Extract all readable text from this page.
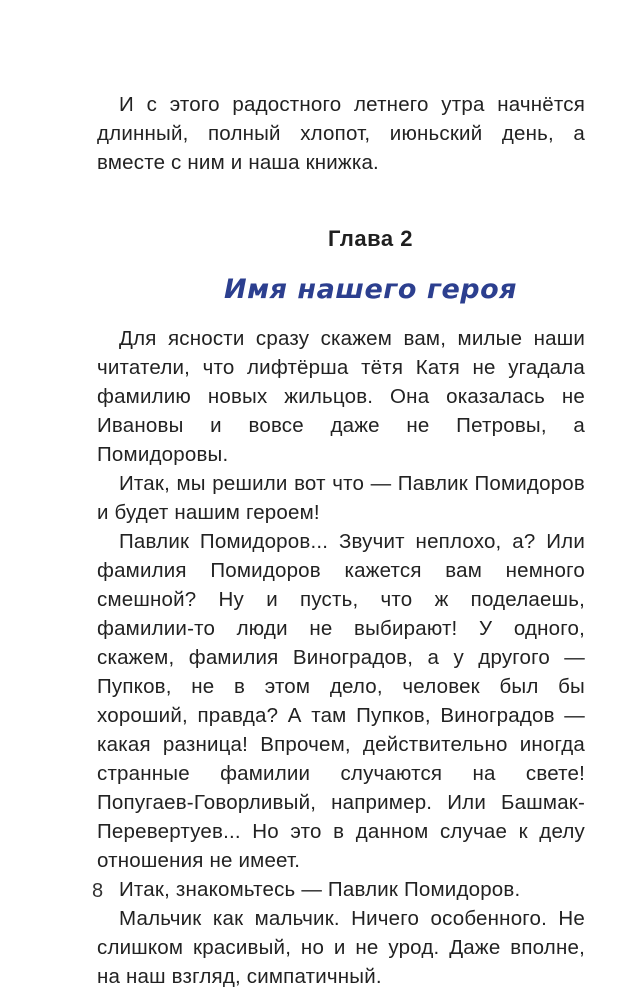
И с этого радостного летнего утра начнётся длинный, полный хлопот, июньский день, а вместе с ним и наша книжка.

Глава 2
Имя нашего героя

Для ясности сразу скажем вам, милые наши читатели, что лифтёрша тётя Катя не угадала фамилию новых жильцов. Она оказалась не Ивановы и вовсе даже не Петровы, а Помидоровы.

Итак, мы решили вот что — Павлик Помидоров и будет нашим героем!

Павлик Помидоров... Звучит неплохо, а? Или фамилия Помидоров кажется вам немного смешной? Ну и пусть, что ж поделаешь, фамилии-то люди не выбирают! У одного, скажем, фамилия Виноградов, а у другого — Пупков, не в этом дело, человек был бы хороший, правда? А там Пупков, Виноградов — какая разница! Впрочем, действительно иногда странные фамилии случаются на свете! Попугаев-Говорливый, например. Или Башмак-Перевертуев... Но это в данном случае к делу отношения не имеет.

Итак, знакомьтесь — Павлик Помидоров.

Мальчик как мальчик. Ничего особенного. Не слишком красивый, но и не урод. Даже вполне, на наш взгляд, симпатичный.

8
